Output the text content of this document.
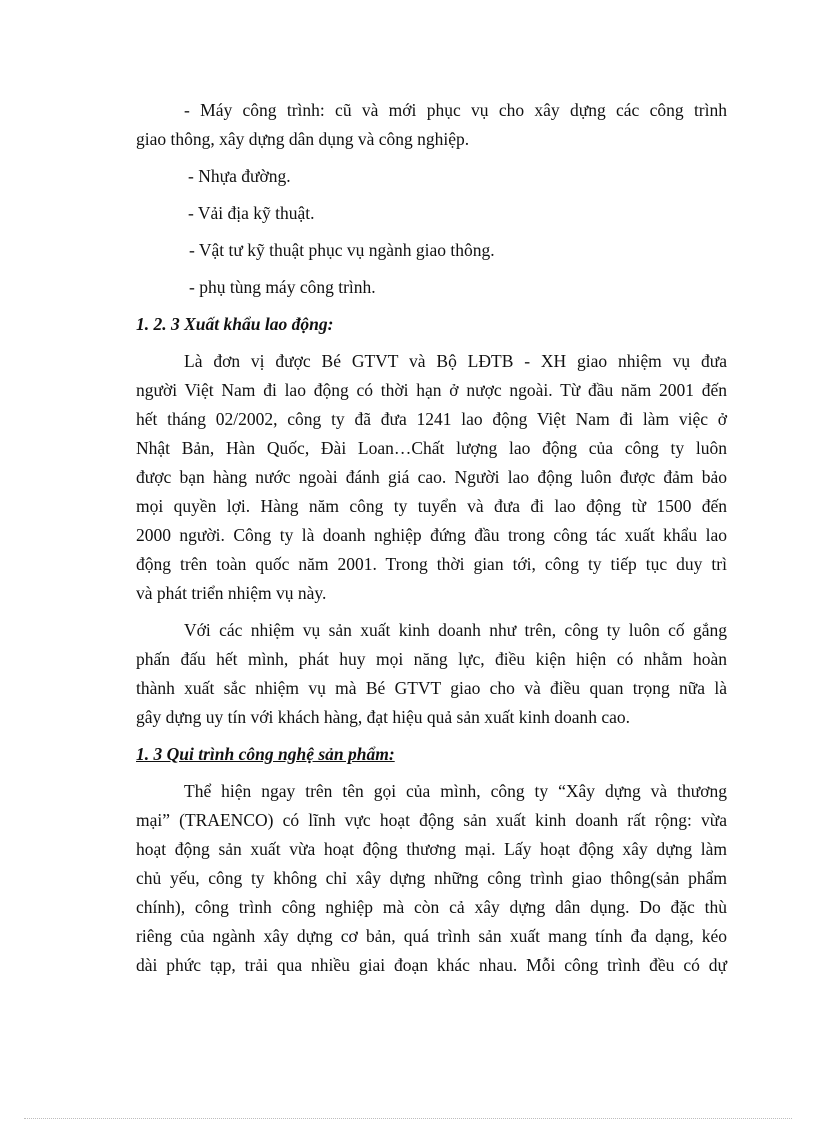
- Máy công trình: cũ và mới phục vụ cho xây dựng các công trình
giao thông, xây dựng dân dụng và công nghiệp.
- Nhựa đường.
- Vải địa kỹ thuật.
- Vật tư kỹ thuật phục vụ ngành giao thông.
- phụ tùng máy công trình.
1. 2. 3 Xuất khẩu lao động:
Là đơn vị được Bé GTVT và Bộ LĐTB - XH giao nhiệm vụ đưa
người Việt Nam đi lao động có thời hạn ở nược ngoài. Từ đầu năm 2001 đến
hết tháng 02/2002, công ty đã đưa 1241 lao động Việt Nam đi làm việc ở
Nhật Bản, Hàn Quốc, Đài Loan…Chất lượng lao động của công ty luôn
được bạn hàng nước ngoài đánh giá cao. Người lao động luôn được đảm bảo
mọi quyền lợi. Hàng năm công ty tuyển và đưa đi lao động từ 1500 đến
2000 người. Công ty là doanh nghiệp đứng đầu trong công tác xuất khẩu lao
động trên toàn quốc năm 2001. Trong thời gian tới, công ty tiếp tục duy trì
và phát triển nhiệm vụ này.
Với các nhiệm vụ sản xuất kinh doanh như trên, công ty luôn cố gắng
phấn đấu hết mình, phát huy mọi năng lực, điều kiện hiện có nhằm hoàn
thành xuất sắc nhiệm vụ mà Bé GTVT giao cho và điều quan trọng nữa là
gây dựng uy tín với khách hàng, đạt hiệu quả sản xuất kinh doanh cao.
1. 3 Qui trình công nghệ sản phẩm:
Thể hiện ngay trên tên gọi của mình, công ty “Xây dựng và thương
mại” (TRAENCO) có lĩnh vực hoạt động sản xuất kinh doanh rất rộng: vừa
hoạt động sản xuất vừa hoạt động thương mại. Lấy hoạt động xây dựng làm
chủ yếu, công ty không chỉ xây dựng những công trình giao thông(sản phẩm
chính), công trình công nghiệp mà còn cả xây dựng dân dụng. Do đặc thù
riêng của ngành xây dựng cơ bản, quá trình sản xuất mang tính đa dạng, kéo
dài phức tạp, trải qua nhiều giai đoạn khác nhau. Mỗi công trình đều có dự
